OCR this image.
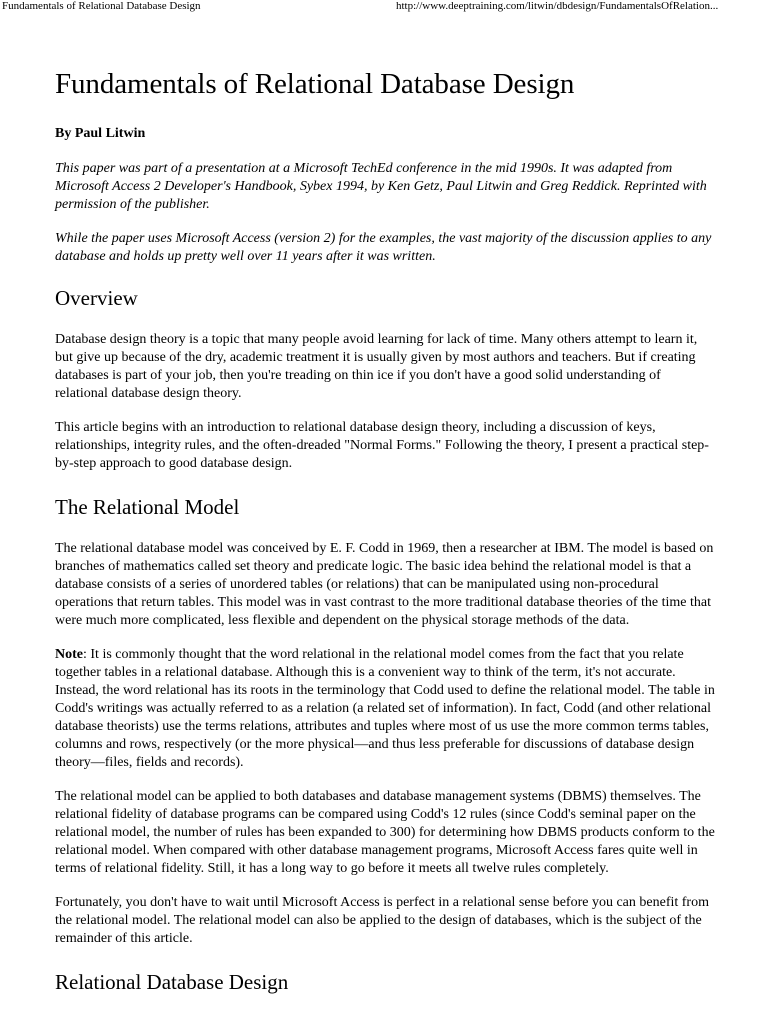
Fundamentals of Relational Database Design	http://www.deeptraining.com/litwin/dbdesign/FundamentalsOfRelation...
Fundamentals of Relational Database Design
By Paul Litwin

This paper was part of a presentation at a Microsoft TechEd conference in the mid 1990s. It was adapted from Microsoft Access 2 Developer's Handbook, Sybex 1994, by Ken Getz, Paul Litwin and Greg Reddick. Reprinted with permission of the publisher.

While the paper uses Microsoft Access (version 2) for the examples, the vast majority of the discussion applies to any database and holds up pretty well over 11 years after it was written.

Overview

Database design theory is a topic that many people avoid learning for lack of time. Many others attempt to learn it, but give up because of the dry, academic treatment it is usually given by most authors and teachers. But if creating databases is part of your job, then you're treading on thin ice if you don't have a good solid understanding of relational database design theory.

This article begins with an introduction to relational database design theory, including a discussion of keys, relationships, integrity rules, and the often-dreaded "Normal Forms." Following the theory, I present a practical step-by-step approach to good database design.

The Relational Model

The relational database model was conceived by E. F. Codd in 1969, then a researcher at IBM. The model is based on branches of mathematics called set theory and predicate logic. The basic idea behind the relational model is that a database consists of a series of unordered tables (or relations) that can be manipulated using non-procedural operations that return tables. This model was in vast contrast to the more traditional database theories of the time that were much more complicated, less flexible and dependent on the physical storage methods of the data.

Note: It is commonly thought that the word relational in the relational model comes from the fact that you relate together tables in a relational database. Although this is a convenient way to think of the term, it's not accurate. Instead, the word relational has its roots in the terminology that Codd used to define the relational model. The table in Codd's writings was actually referred to as a relation (a related set of information). In fact, Codd (and other relational database theorists) use the terms relations, attributes and tuples where most of us use the more common terms tables, columns and rows, respectively (or the more physical—and thus less preferable for discussions of database design theory—files, fields and records).

The relational model can be applied to both databases and database management systems (DBMS) themselves. The relational fidelity of database programs can be compared using Codd's 12 rules (since Codd's seminal paper on the relational model, the number of rules has been expanded to 300) for determining how DBMS products conform to the relational model. When compared with other database management programs, Microsoft Access fares quite well in terms of relational fidelity. Still, it has a long way to go before it meets all twelve rules completely.

Fortunately, you don't have to wait until Microsoft Access is perfect in a relational sense before you can benefit from the relational model. The relational model can also be applied to the design of databases, which is the subject of the remainder of this article.

Relational Database Design
